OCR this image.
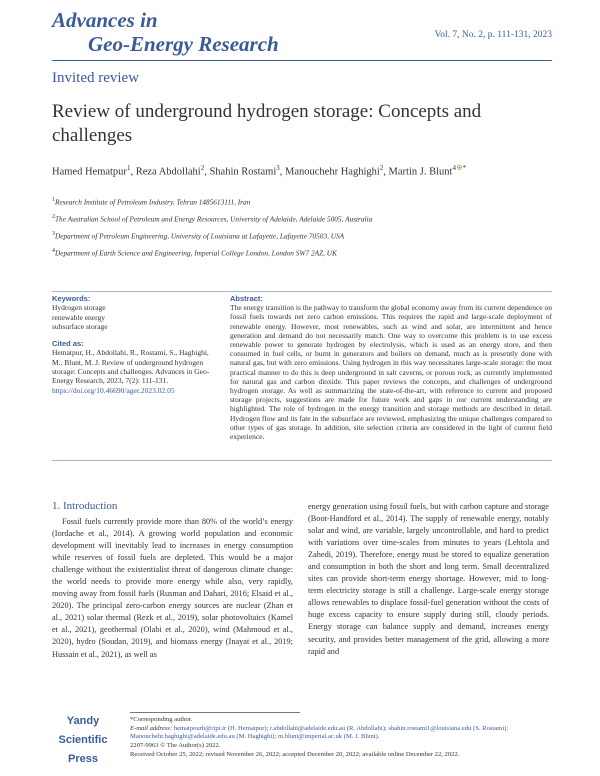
Advances in
Geo-Energy Research	Vol. 7, No. 2, p. 111-131, 2023
Invited review
Review of underground hydrogen storage: Concepts and challenges
Hamed Hematpur$^1$, Reza Abdollahi$^2$, Shahin Rostami$^3$, Manouchehr Haghighi$^2$, Martin J. Blunt$^{4\oplus*}$
$^1$Research Institute of Petroleum Industry, Tehran 1485613111, Iran
$^2$The Australian School of Petroleum and Energy Resources, University of Adelaide, Adelaide 5005, Australia
$^3$Department of Petroleum Engineering, University of Louisiana at Lafayette, Lafayette 70503, USA
$^4$Department of Earth Science and Engineering, Imperial College London, London SW7 2AZ, UK
Keywords:
Hydrogen storage
renewable energy
subsurface storage
Cited as:
Hematpur, H., Abdollahi, R., Rostami, S., Haghighi, M., Blunt, M. J. Review of underground hydrogen storage: Concepts and challenges. Advances in Geo-Energy Research, 2023, 7(2): 111-131.
https://doi.org/10.46690/ager.2023.02.05
Abstract:
The energy transition is the pathway to transform the global economy away from its current dependence on fossil fuels towards net zero carbon emissions. This requires the rapid and large-scale deployment of renewable energy. However, most renewables, such as wind and solar, are intermittent and hence generation and demand do not necessarily match. One way to overcome this problem is to use excess renewable power to generate hydrogen by electrolysis, which is used as an energy store, and then consumed in fuel cells, or burnt in generators and boilers on demand, much as is presently done with natural gas, but with zero emissions. Using hydrogen in this way necessitates large-scale storage: the most practical manner to do this is deep underground in salt caverns, or porous rock, as currently implemented for natural gas and carbon dioxide. This paper reviews the concepts, and challenges of underground hydrogen storage. As well as summarizing the state-of-the-art, with reference to current and proposed storage projects, suggestions are made for future work and gaps in our current understanding are highlighted. The role of hydrogen in the energy transition and storage methods are described in detail. Hydrogen flow and its fate in the subsurface are reviewed, emphasizing the unique challenges compared to other types of gas storage. In addition, site selection criteria are considered in the light of current field experience.
1. Introduction
Fossil fuels currently provide more than 80% of the world’s energy (Iordache et al., 2014). A growing world population and economic development will inevitably lead to increases in energy consumption while reserves of fossil fuels are depleted. This would be a major challenge without the existentialist threat of dangerous climate change: the world needs to provide more energy while also, very rapidly, moving away from fossil fuels (Rusman and Dahari, 2016; Elsaid et al., 2020). The principal zero-carbon energy sources are nuclear (Zhan et al., 2021) solar thermal (Rezk et al., 2019), solar photovoltaics (Kamel et al., 2021), geothermal (Olabi et al., 2020), wind (Mahmoud et al., 2020), hydro (Soudan, 2019), and biomass energy (Inayat et al., 2019; Hussain et al., 2021), as well as
energy generation using fossil fuels, but with carbon capture and storage (Boot-Handford et al., 2014). The supply of renewable energy, notably solar and wind, are variable, largely uncontrollable, and hard to predict with variations over time-scales from minutes to years (Lehtola and Zahedi, 2019). Therefore, energy must be stored to equalize generation and consumption in both the short and long term. Small decentralized sites can provide short-term energy shortage. However, mid to long-term electricity storage is still a challenge. Large-scale energy storage allows renewables to displace fossil-fuel generation without the costs of huge excess capacity to ensure supply during still, cloudy periods. Energy storage can balance supply and demand, increases energy security, and provides better management of the grid, allowing a more rapid and
Yandy
Scientific
Press
*Corresponding author.
E-mail address: hematpourh@ripi.ir (H. Hematpur); r.abdollahi@adelaide.edu.au (R. Abdollahi); shahin.rostami1@louisiana.edu (S. Rostami); Manouchehr.haghighi@adelaide.edu.au (M. Haghighi); m.blunt@imperial.ac.uk (M. J. Blunt).
2207-9963 © The Author(s) 2022.
Received October 25, 2022; revised November 26, 2022; accepted December 20, 2022; available online December 22, 2022.
